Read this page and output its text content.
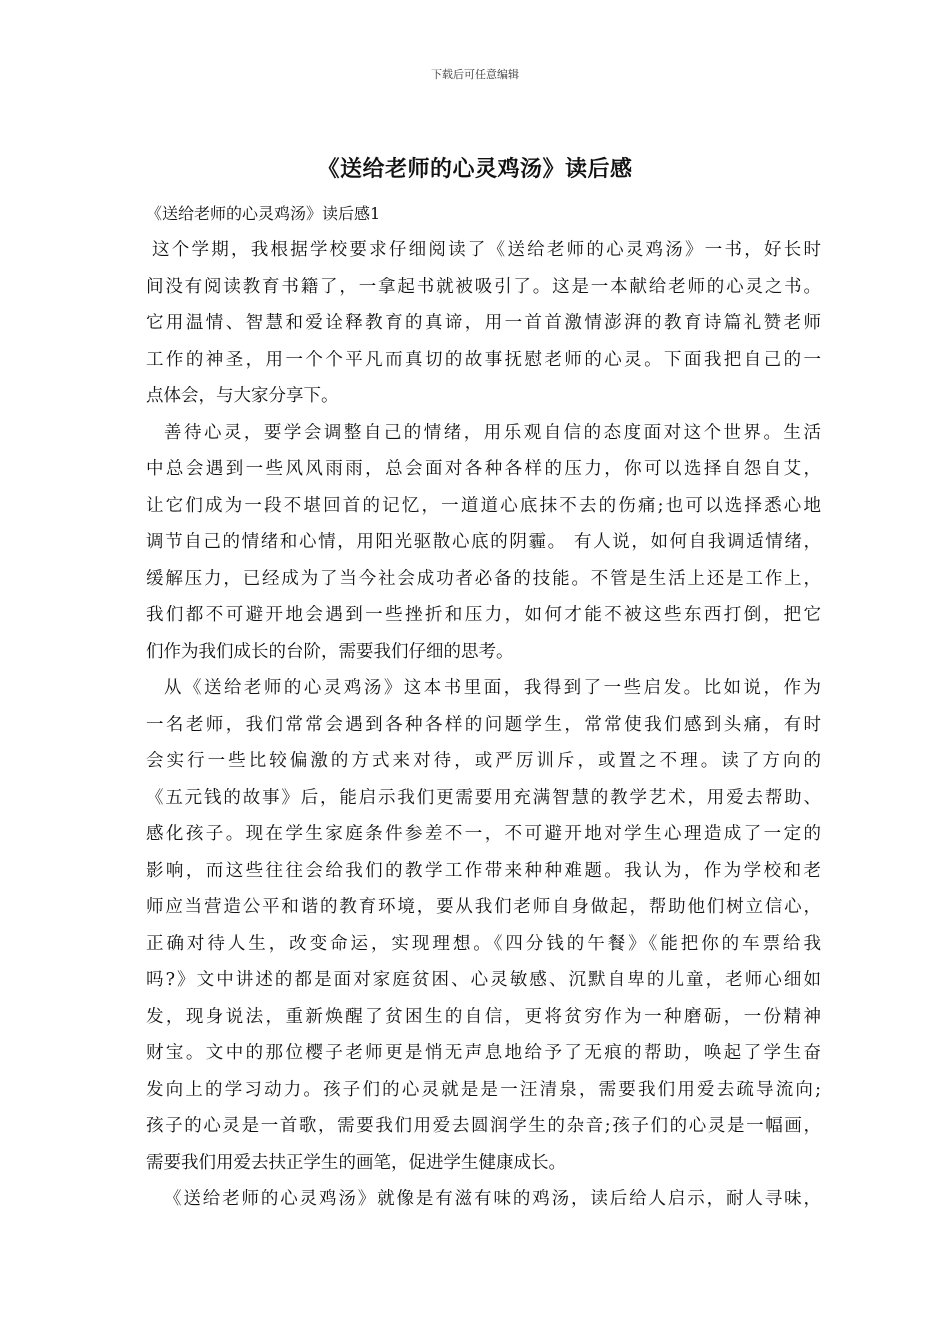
下载后可任意编辑
《送给老师的心灵鸡汤》读后感
《送给老师的心灵鸡汤》读后感1
这个学期，我根据学校要求仔细阅读了《送给老师的心灵鸡汤》一书，好长时
间没有阅读教育书籍了，一拿起书就被吸引了。这是一本献给老师的心灵之书。
它用温情、智慧和爱诠释教育的真谛，用一首首激情澎湃的教育诗篇礼赞老师
工作的神圣，用一个个平凡而真切的故事抚慰老师的心灵。下面我把自己的一
点体会，与大家分享下。
善待心灵，要学会调整自己的情绪，用乐观自信的态度面对这个世界。生活
中总会遇到一些风风雨雨，总会面对各种各样的压力，你可以选择自怨自艾，
让它们成为一段不堪回首的记忆，一道道心底抹不去的伤痛;也可以选择悉心地
调节自己的情绪和心情，用阳光驱散心底的阴霾。 有人说，如何自我调适情绪，
缓解压力，已经成为了当今社会成功者必备的技能。不管是生活上还是工作上，
我们都不可避开地会遇到一些挫折和压力，如何才能不被这些东西打倒，把它
们作为我们成长的台阶，需要我们仔细的思考。
从《送给老师的心灵鸡汤》这本书里面，我得到了一些启发。比如说，作为
一名老师，我们常常会遇到各种各样的问题学生，常常使我们感到头痛，有时
会实行一些比较偏激的方式来对待，或严厉训斥，或置之不理。读了方向的
《五元钱的故事》后，能启示我们更需要用充满智慧的教学艺术，用爱去帮助、
感化孩子。现在学生家庭条件参差不一，不可避开地对学生心理造成了一定的
影响，而这些往往会给我们的教学工作带来种种难题。我认为，作为学校和老
师应当营造公平和谐的教育环境，要从我们老师自身做起，帮助他们树立信心，
正确对待人生，改变命运，实现理想。《四分钱的午餐》《能把你的车票给我
吗?》文中讲述的都是面对家庭贫困、心灵敏感、沉默自卑的儿童，老师心细如
发，现身说法，重新焕醒了贫困生的自信，更将贫穷作为一种磨砺，一份精神
财宝。文中的那位樱子老师更是悄无声息地给予了无痕的帮助，唤起了学生奋
发向上的学习动力。孩子们的心灵就是是一汪清泉，需要我们用爱去疏导流向;
孩子的心灵是一首歌，需要我们用爱去圆润学生的杂音;孩子们的心灵是一幅画，
需要我们用爱去扶正学生的画笔，促进学生健康成长。
《送给老师的心灵鸡汤》就像是有滋有味的鸡汤，读后给人启示，耐人寻味，
